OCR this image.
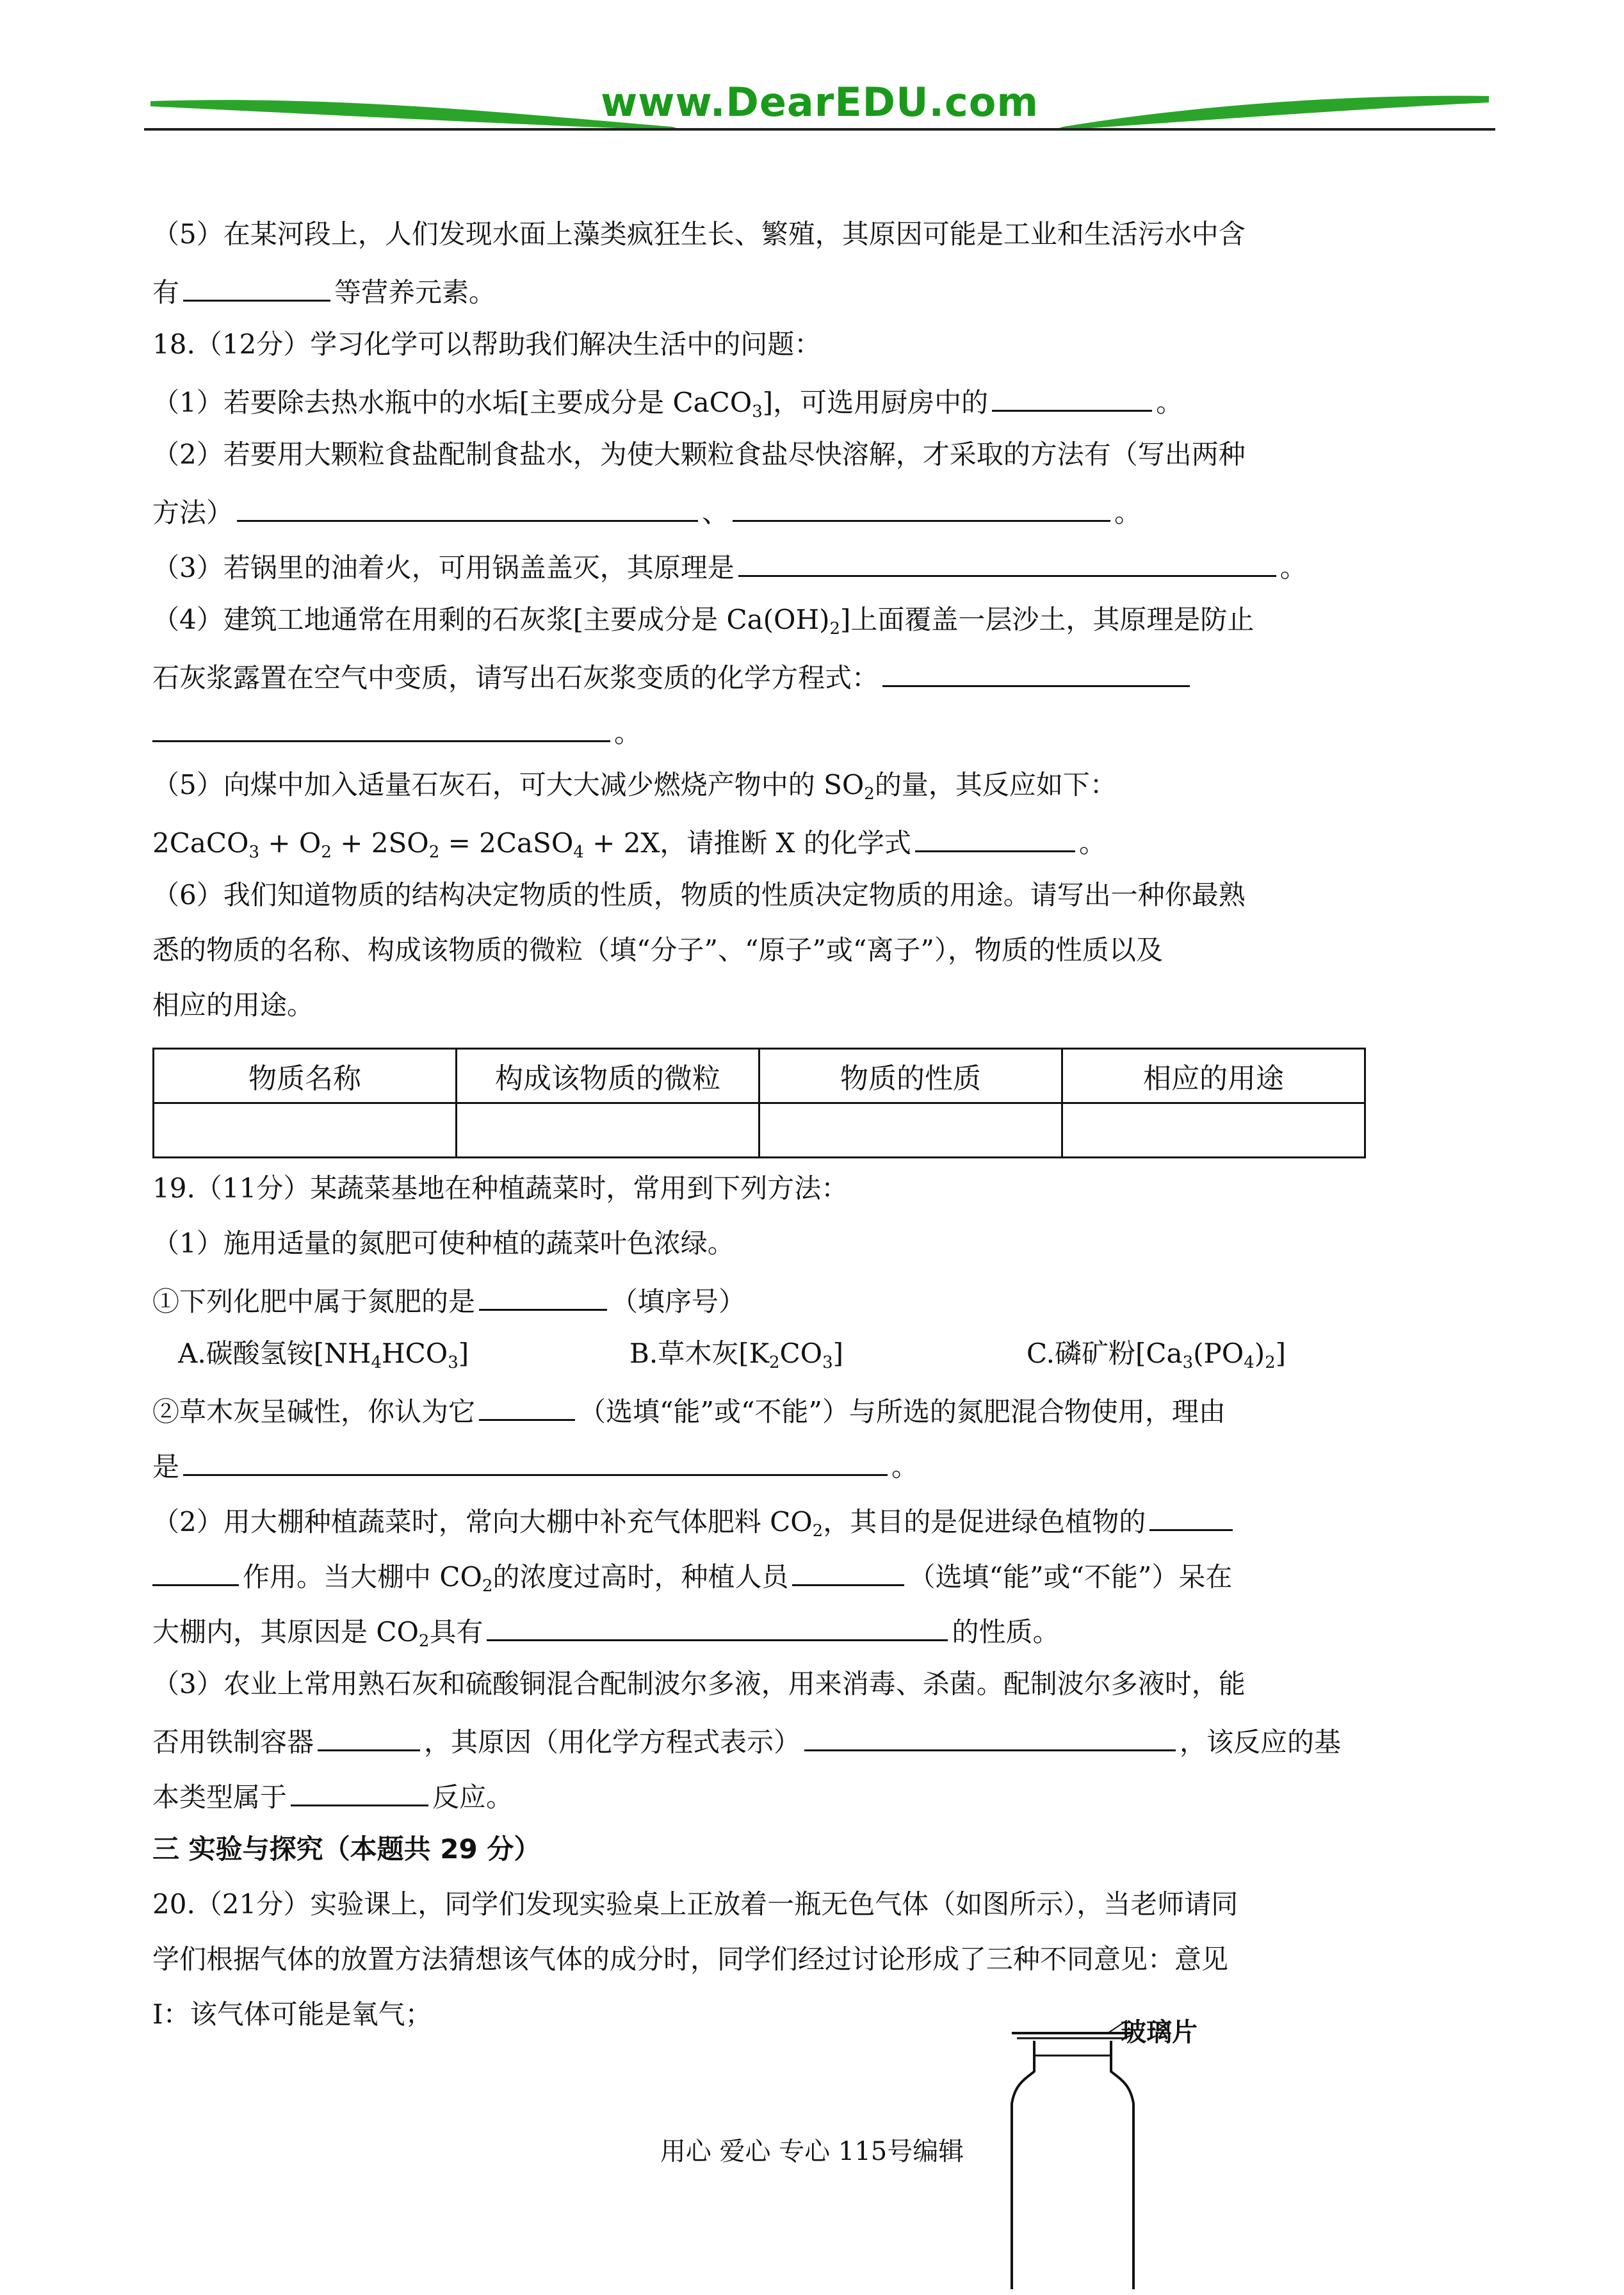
www.DearEDU.com
（5）在某河段上，人们发现水面上藻类疯狂生长、繁殖，其原因可能是工业和生活污水中含
有	等营养元素。
18.（12分）学习化学可以帮助我们解决生活中的问题：
（1）若要除去热水瓶中的水垢[主要成分是 CaCO$_3$]，可选用厨房中的	。
（2）若要用大颗粒食盐配制食盐水，为使大颗粒食盐尽快溶解，才采取的方法有（写出两种
方法）	、	。
（3）若锅里的油着火，可用锅盖盖灭，其原理是	。
（4）建筑工地通常在用剩的石灰浆[主要成分是 $Ca(OH)_2$]上面覆盖一层沙土，其原理是防止
石灰浆露置在空气中变质，请写出石灰浆变质的化学方程式：
。
（5）向煤中加入适量石灰石，可大大减少燃烧产物中的 $SO_2$的量，其反应如下：
2CaCO$_3$ + $O_2 + 2SO_2$ = 2CaSO$_4$ + 2X，请推断 X 的化学式	。
（6）我们知道物质的结构决定物质的性质，物质的性质决定物质的用途。请写出一种你最熟
悉的物质的名称、构成该物质的微粒（填“分子”、“原子”或“离子”），物质的性质以及
相应的用途。
物质名称	构成该物质的微粒	物质的性质	相应的用途

19.（11分）某蔬菜基地在种植蔬菜时，常用到下列方法：
（1）施用适量的氮肥可使种植的蔬菜叶色浓绿。
①下列化肥中属于氮肥的是	（填序号）
A.碳酸氢铵$[NH_4HCO_3]$	B.草木灰$[K_2CO_3]$	C.磷矿粉$[Ca_3(PO_4)_2]$
②草木灰呈碱性，你认为它	（选填“能”或“不能”）与所选的氮肥混合物使用，理由
是	。
（2）用大棚种植蔬菜时，常向大棚中补充气体肥料 $CO_2$，其目的是促进绿色植物的
作用。当大棚中 $CO_2$的浓度过高时，种植人员	（选填“能”或“不能”）呆在
大棚内，其原因是 $CO_2$具有	的性质。
（3）农业上常用熟石灰和硫酸铜混合配制波尔多液，用来消毒、杀菌。配制波尔多液时，能
否用铁制容器	，其原因（用化学方程式表示）	，该反应的基
本类型属于	反应。
三 实验与探究（本题共 29 分）
20.（21分）实验课上，同学们发现实验桌上正放着一瓶无色气体（如图所示），当老师请同
学们根据气体的放置方法猜想该气体的成分时，同学们经过讨论形成了三种不同意见：意见
Ⅰ：该气体可能是氧气；
玻璃片
用心 爱心 专心 115号编辑
